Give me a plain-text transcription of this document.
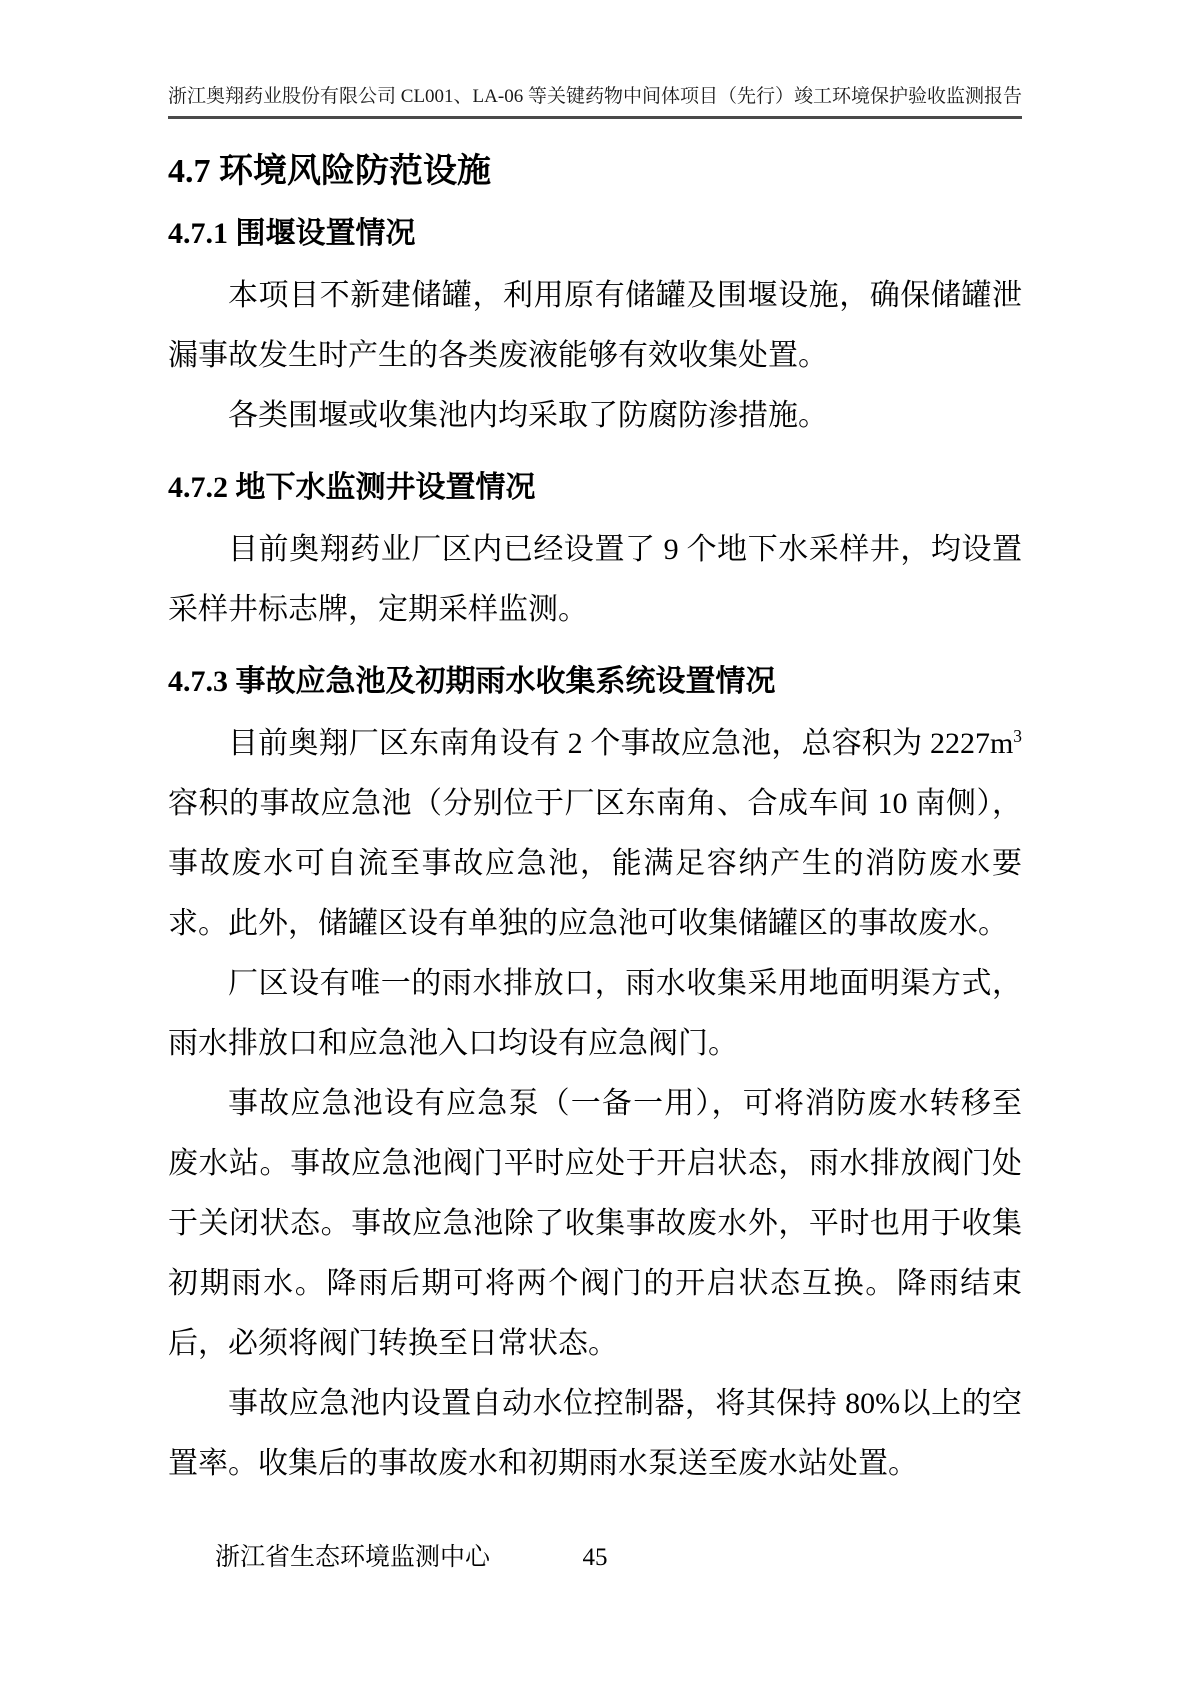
浙江奥翔药业股份有限公司 CL001、LA-06 等关键药物中间体项目（先行）竣工环境保护验收监测报告
4.7 环境风险防范设施
4.7.1 围堰设置情况

本项目不新建储罐，利用原有储罐及围堰设施，确保储罐泄漏事故发生时产生的各类废液能够有效收集处置。

各类围堰或收集池内均采取了防腐防渗措施。

4.7.2 地下水监测井设置情况

目前奥翔药业厂区内已经设置了 9 个地下水采样井，均设置采样井标志牌，定期采样监测。

4.7.3 事故应急池及初期雨水收集系统设置情况

目前奥翔厂区东南角设有 2 个事故应急池，总容积为 $2227m^3$ 容积的事故应急池（分别位于厂区东南角、合成车间 10 南侧），事故废水可自流至事故应急池，能满足容纳产生的消防废水要求。此外，储罐区设有单独的应急池可收集储罐区的事故废水。

厂区设有唯一的雨水排放口，雨水收集采用地面明渠方式，雨水排放口和应急池入口均设有应急阀门。

事故应急池设有应急泵（一备一用），可将消防废水转移至废水站。事故应急池阀门平时应处于开启状态，雨水排放阀门处于关闭状态。事故应急池除了收集事故废水外，平时也用于收集初期雨水。降雨后期可将两个阀门的开启状态互换。降雨结束后，必须将阀门转换至日常状态。

事故应急池内设置自动水位控制器，将其保持 80%以上的空置率。收集后的事故废水和初期雨水泵送至废水站处置。

浙江省生态环境监测中心	45
